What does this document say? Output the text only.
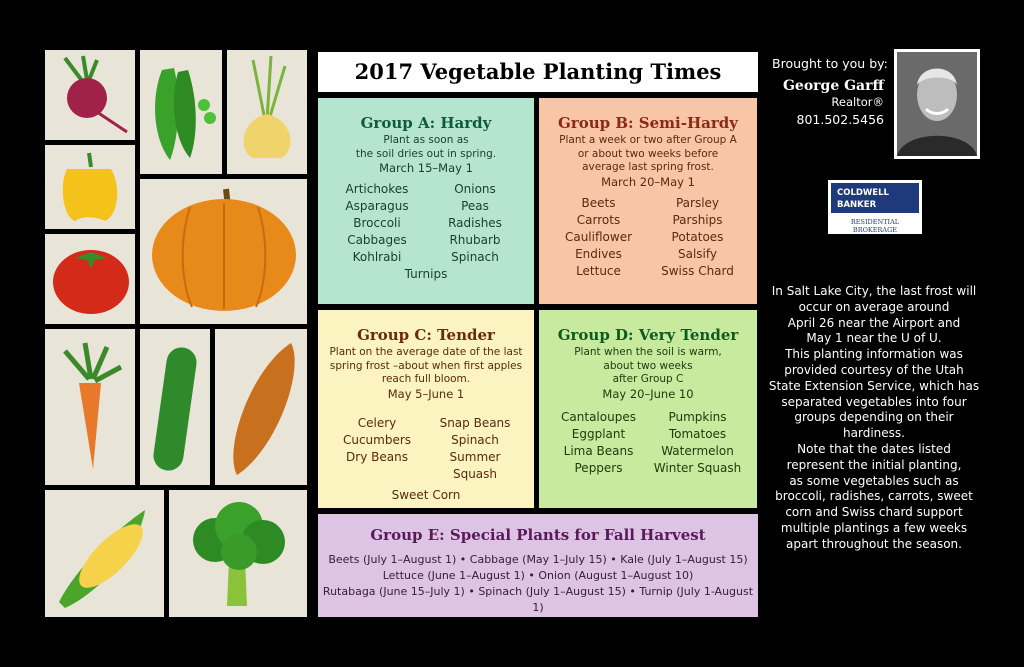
2017 Vegetable Planting Times
Group A: Hardy
Plant as soon as
the soil dries out in spring.
March 15–May 1
Artichokes	Onions
Asparagus	Peas
Broccoli	Radishes
Cabbages	Rhubarb
Kohlrabi	Spinach
Turnips
Group B: Semi-Hardy
Plant a week or two after Group A
or about two weeks before
average last spring frost.
March 20–May 1
Beets	Parsley
Carrots	Parships
Cauliflower	Potatoes
Endives	Salsify
Lettuce	Swiss Chard
Group C: Tender
Plant on the average date of the last
spring frost –about when first apples
reach full bloom.
May 5–June 1
Celery	Snap Beans
Cucumbers	Spinach
Dry Beans	Summer Squash
Sweet Corn
Group D: Very Tender
Plant when the soil is warm,
about two weeks
after Group C
May 20–June 10
Cantaloupes	Pumpkins
Eggplant	Tomatoes
Lima Beans	Watermelon
Peppers	Winter Squash
Group E: Special Plants for Fall Harvest
Beets (July 1–August 1) • Cabbage (May 1–July 15) • Kale (July 1–August 15)
Lettuce (June 1–August 1) • Onion (August 1–August 10)
Rutabaga (June 15–July 1) • Spinach (July 1–August 15) • Turnip (July 1-August 1)
Brought to you by:
George Garff
Realtor®
801.502.5456
COLDWELL
BANKER
RESIDENTIAL BROKERAGE
In Salt Lake City, the last frost will
occur on average around
April 26 near the Airport and
May 1 near the U of U.
This planting information was
provided courtesy of the Utah
State Extension Service, which has
separated vegetables into four
groups depending on their
hardiness.
Note that the dates listed
represent the initial planting,
as some vegetables such as
broccoli, radishes, carrots, sweet
corn and Swiss chard support
multiple plantings a few weeks
apart throughout the season.
